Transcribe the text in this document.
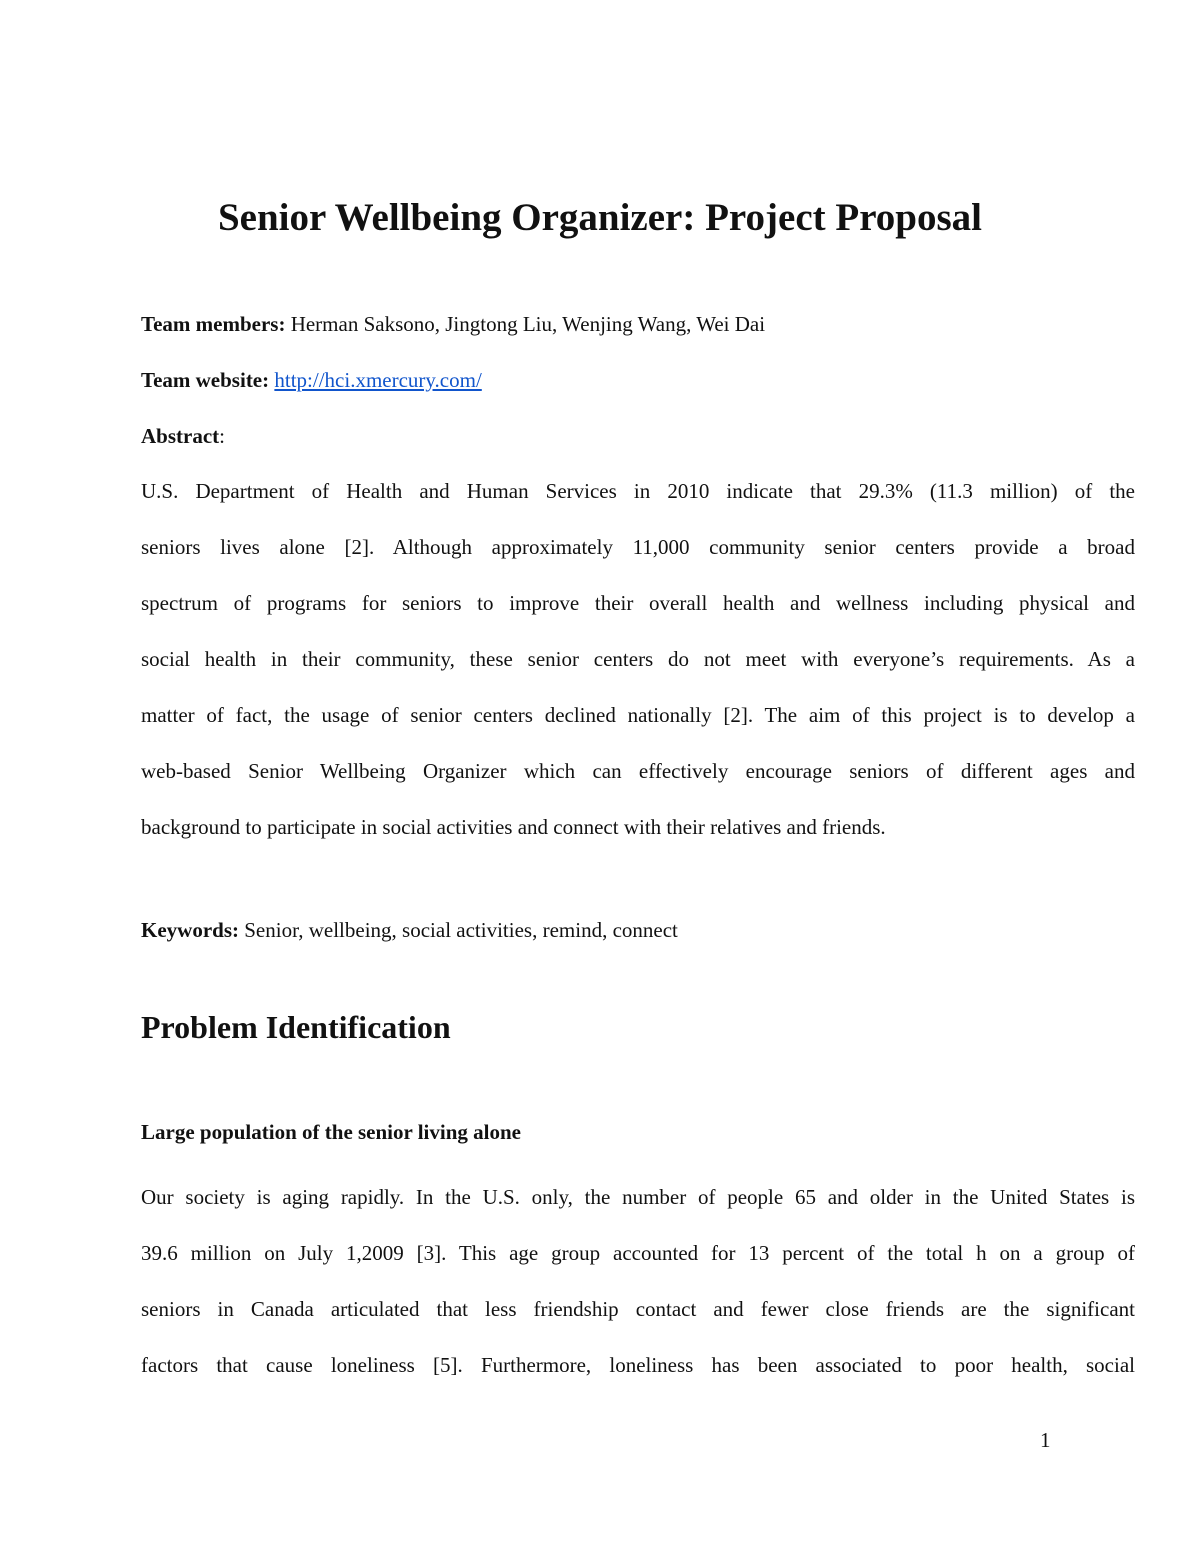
Senior Wellbeing Organizer: Project Proposal

Team members: Herman Saksono, Jingtong Liu, Wenjing Wang, Wei Dai

Team website: http://hci.xmercury.com/

Abstract:

U.S. Department of Health and Human Services in 2010 indicate that 29.3% (11.3 million) of the
seniors lives alone [2]. Although approximately 11,000 community senior centers provide a broad
spectrum of programs for seniors to improve their overall health and wellness including physical and
social health in their community, these senior centers do not meet with everyone’s requirements. As a
matter of fact, the usage of senior centers declined nationally [2]. The aim of this project is to develop a
web-based Senior Wellbeing Organizer which can effectively encourage seniors of different ages and
background to participate in social activities and connect with their relatives and friends.

Keywords: Senior, wellbeing, social activities, remind, connect

Problem Identification
Large population of the senior living alone
Our society is aging rapidly. In the U.S. only, the number of people 65 and older in the United States is
39.6 million on July 1,2009 [3]. This age group accounted for 13 percent of the total h on a group of
seniors in Canada articulated that less friendship contact and fewer close friends are the significant
factors that cause loneliness [5]. Furthermore, loneliness has been associated to poor health, social

1
